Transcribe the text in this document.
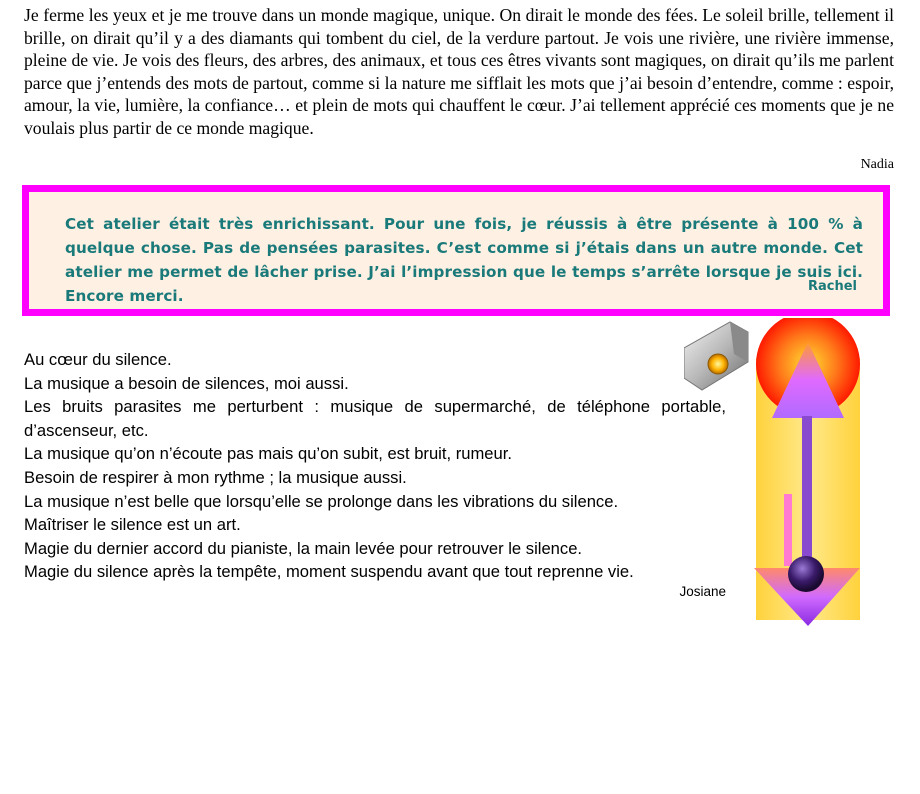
Je ferme les yeux et je me trouve dans un monde magique, unique. On dirait le monde des fées. Le soleil brille, tellement il brille, on dirait qu’il y a des diamants qui tombent du ciel, de la verdure partout. Je vois une rivière, une rivière immense, pleine de vie. Je vois des fleurs, des arbres, des animaux, et tous ces êtres vivants sont magiques, on dirait qu’ils me parlent parce que j’entends des mots de partout, comme si la nature me sifflait les mots que j’ai besoin d’entendre, comme : espoir, amour, la vie, lumière, la confiance… et plein de mots qui chauffent le cœur. J’ai tellement apprécié ces moments que je ne voulais plus partir de ce monde magique.

Nadia

Cet atelier était très enrichissant. Pour une fois, je réussis à être présente à 100 % à quelque chose. Pas de pensées parasites. C’est comme si j’étais dans un autre monde. Cet atelier me permet de lâcher prise. J’ai l’impression que le temps s’arrête lorsque je suis ici. Encore merci.

Rachel

Au cœur du silence.

La musique a besoin de silences, moi aussi.

Les bruits parasites me perturbent : musique de supermarché, de téléphone portable, d’ascenseur, etc.

La musique qu’on n’écoute pas mais qu’on subit, est bruit, rumeur.

Besoin de respirer à mon rythme ; la musique aussi.

La musique n’est belle que lorsqu’elle se prolonge dans les vibrations du silence.

Maîtriser le silence est un art.

Magie du dernier accord du pianiste, la main levée pour retrouver le silence.

Magie du silence après la tempête, moment suspendu avant que tout reprenne vie.

Josiane
